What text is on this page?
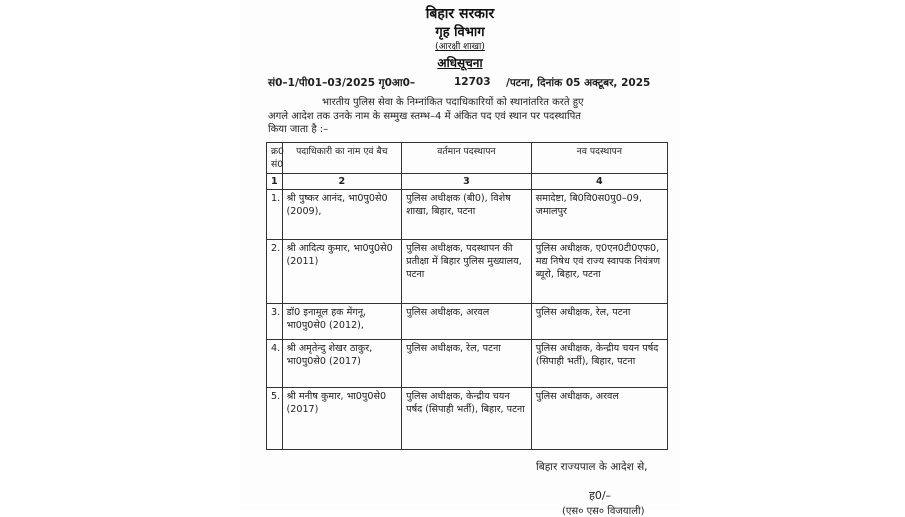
बिहार सरकार
गृह विभाग
(आरक्षी शाखा)
अधिसूचना
सं0–1/पी01–03/2025 गृ0आ0–	12703 /पटना, दिनांक 05 अक्टूबर, 2025
भारतीय पुलिस सेवा के निम्नांकित पदाधिकारियों को स्थानांतरित करते हुए
अगले आदेश तक उनके नाम के सम्मुख स्तम्भ–4 में अंकित पद एवं स्थान पर पदस्थापित
किया जाता है :–
क्र0 सं0	पदाधिकारी का नाम एवं बैच	वर्तमान पदस्थापन	नव पदस्थापन
1	2	3	4
1.	श्री पुष्कर आनंद, भा0पु0से0 (2009),	पुलिस अधीक्षक (बी0), विशेष शाखा, बिहार, पटना	समादेष्टा, बि0वि0स0पु0–09, जमालपुर
2.	श्री आदित्य कुमार, भा0पु0से0 (2011)	पुलिस अधीक्षक, पदस्थापन की प्रतीक्षा में बिहार पुलिस मुख्यालय, पटना	पुलिस अधीक्षक, ए0एन0टी0एफ0, मद्य निषेध एवं राज्य स्वापक नियंत्रण ब्यूरो, बिहार, पटना
3.	डॉ0 इनामूल हक मेंगनू, भा0पु0से0 (2012),	पुलिस अधीक्षक, अरवल	पुलिस अधीक्षक, रेल, पटना
4.	श्री अमृतेन्दु शेखर ठाकुर, भा0पु0से0 (2017)	पुलिस अधीक्षक, रेल, पटना	पुलिस अधीक्षक, केन्द्रीय चयन पर्षद (सिपाही भर्ती), बिहार, पटना
5.	श्री मनीष कुमार, भा0पु0से0 (2017)	पुलिस अधीक्षक, केन्द्रीय चयन पर्षद (सिपाही भर्ती), बिहार, पटना	पुलिस अधीक्षक, अरवल
बिहार राज्यपाल के आदेश से,
ह0/–
(एस० एस० विजयाली)
